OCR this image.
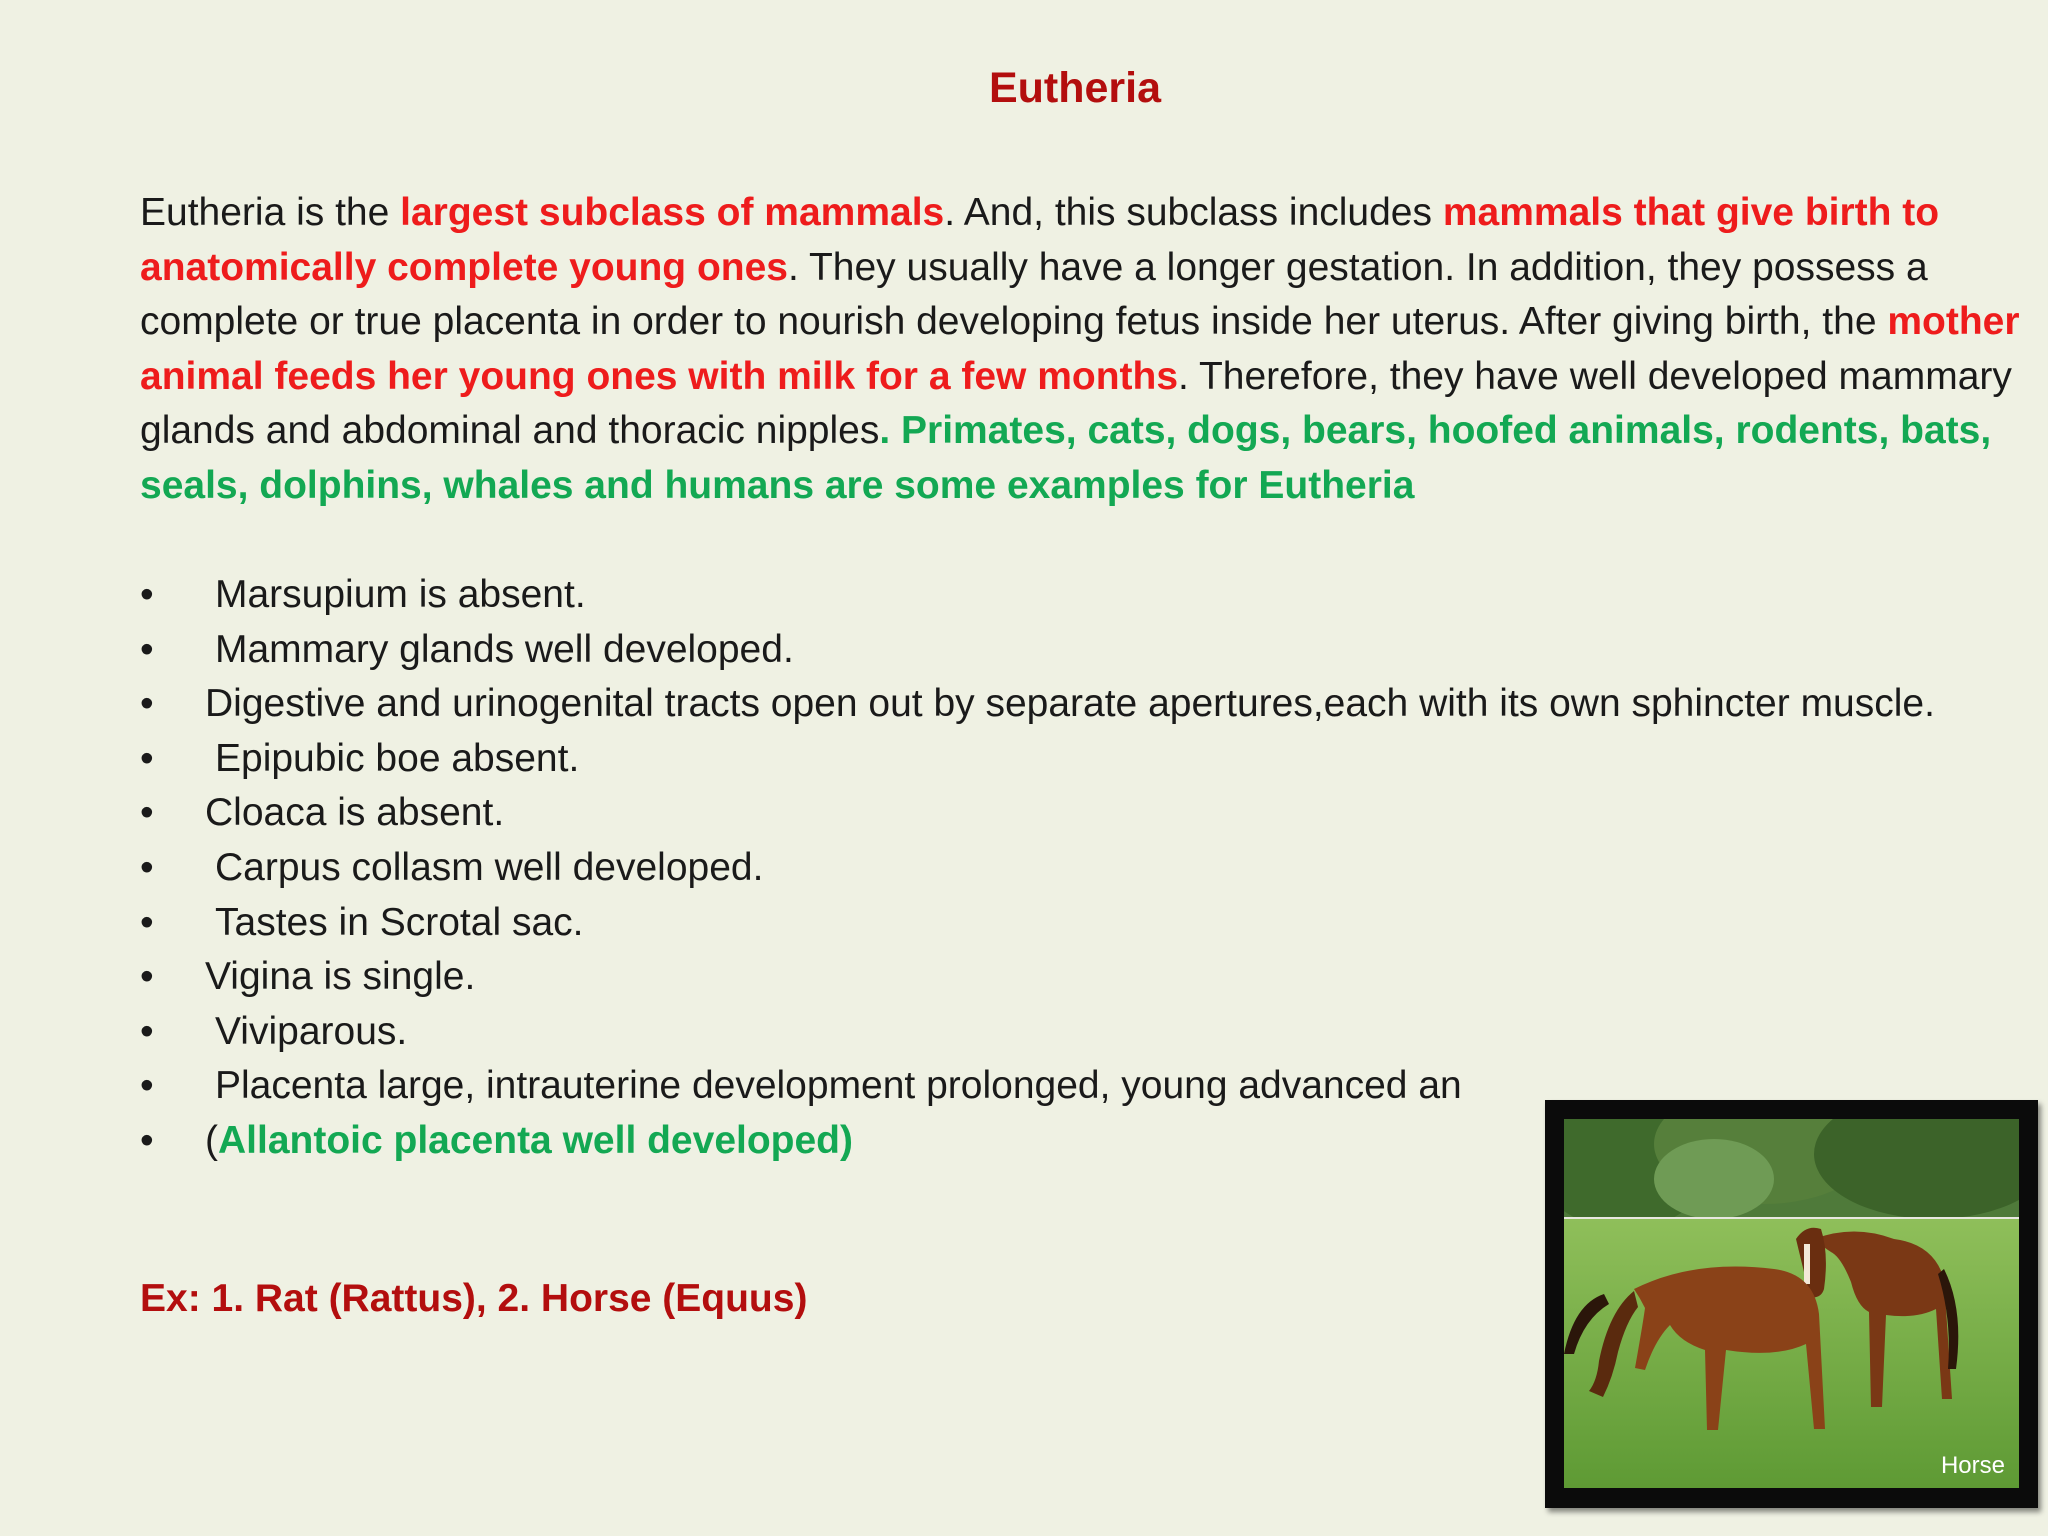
Eutheria

Eutheria is the largest subclass of mammals. And, this subclass includes mammals that give birth to anatomically complete young ones. They usually have a longer gestation. In addition, they possess a complete or true placenta in order to nourish developing fetus inside her uterus. After giving birth, the mother animal feeds her young ones with milk for a few months. Therefore, they have well developed mammary glands and abdominal and thoracic nipples. Primates, cats, dogs, bears, hoofed animals, rodents, bats, seals, dolphins, whales and humans are some examples for Eutheria

• Marsupium is absent.
• Mammary glands well developed.
• Digestive and urinogenital tracts open out by separate apertures,each with its own sphincter muscle.
• Epipubic boe absent.
• Cloaca is absent.
• Carpus collasm well developed.
• Tastes in Scrotal sac.
• Vigina is single.
• Viviparous.
• Placenta large, intrauterine development prolonged, young advanced an
• (Allantoic placenta well developed)

Ex: 1. Rat (Rattus), 2. Horse (Equus)

Horse
